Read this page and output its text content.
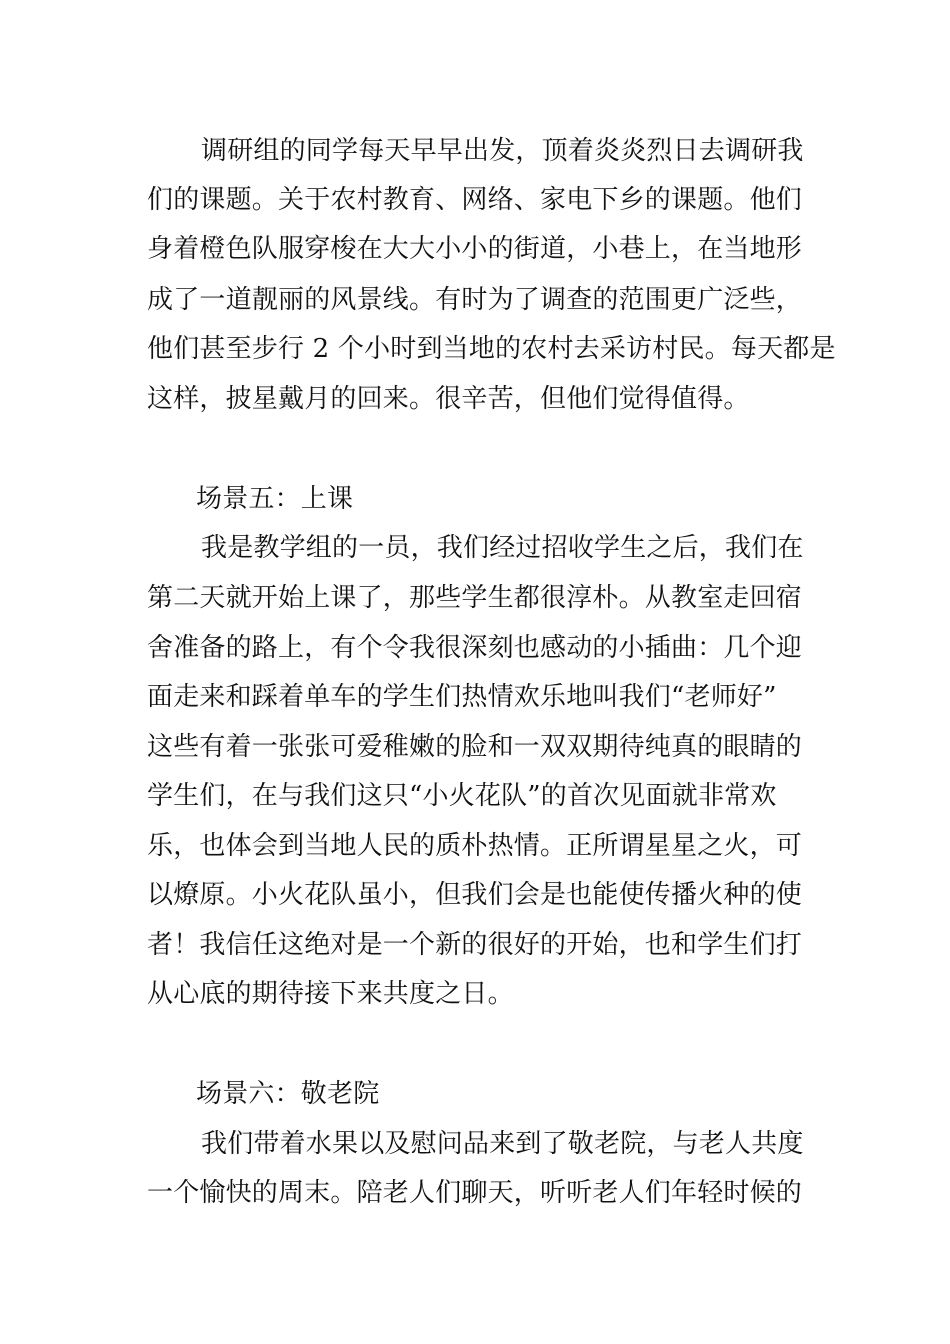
调研组的同学每天早早出发，顶着炎炎烈日去调研我

们的课题。关于农村教育、网络、家电下乡的课题。他们

身着橙色队服穿梭在大大小小的街道，小巷上，在当地形

成了一道靓丽的风景线。有时为了调查的范围更广泛些，

他们甚至步行 2 个小时到当地的农村去采访村民。每天都是

这样，披星戴月的回来。很辛苦，但他们觉得值得。

场景五：上课

我是教学组的一员，我们经过招收学生之后，我们在

第二天就开始上课了，那些学生都很淳朴。从教室走回宿

舍准备的路上，有个令我很深刻也感动的小插曲：几个迎

面走来和踩着单车的学生们热情欢乐地叫我们“老师好”

这些有着一张张可爱稚嫩的脸和一双双期待纯真的眼睛的

学生们，在与我们这只“小火花队”的首次见面就非常欢

乐，也体会到当地人民的质朴热情。正所谓星星之火，可

以燎原。小火花队虽小，但我们会是也能使传播火种的使

者！我信任这绝对是一个新的很好的开始，也和学生们打

从心底的期待接下来共度之日。

场景六：敬老院

我们带着水果以及慰问品来到了敬老院，与老人共度

一个愉快的周末。陪老人们聊天，听听老人们年轻时候的
